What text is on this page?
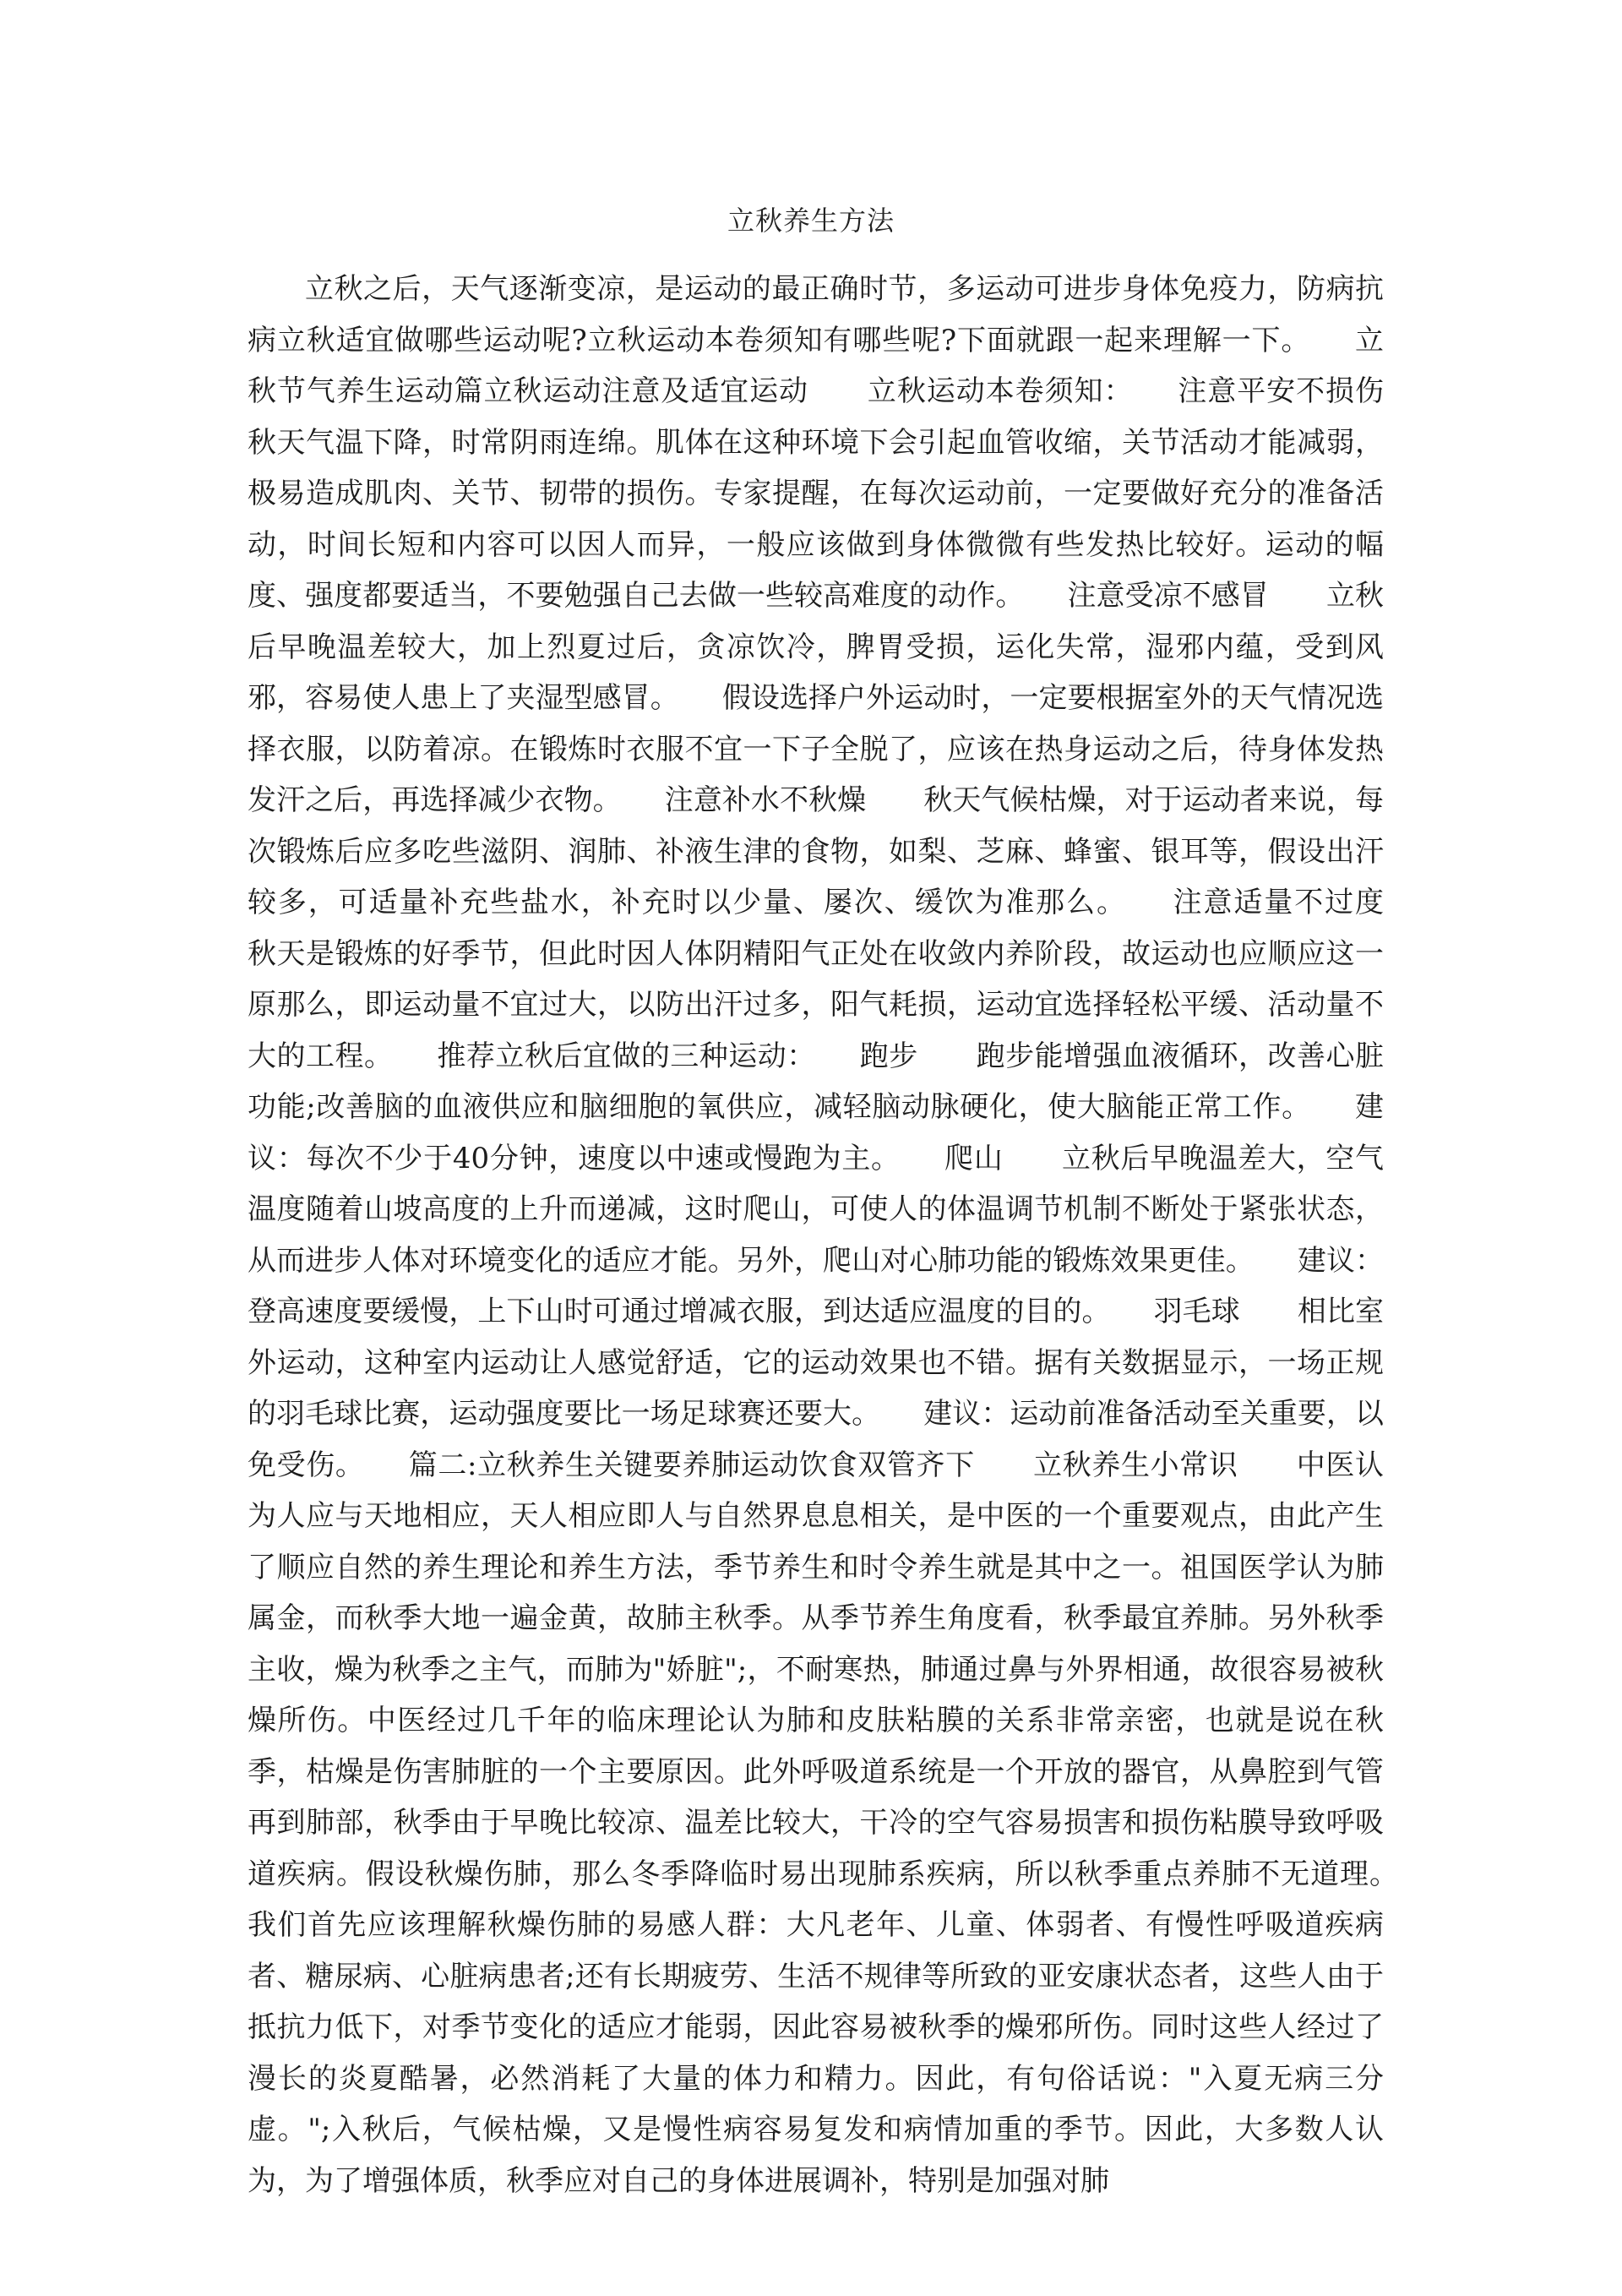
立秋养生方法

立秋之后，天气逐渐变凉，是运动的最正确时节，多运动可进步身体免疫力，防病抗病立秋适宜做哪些运动呢?立秋运动本卷须知有哪些呢?下面就跟一起来理解一下。　　立秋节气养生运动篇立秋运动注意及适宜运动　　立秋运动本卷须知：　　注意平安不损伤　　秋天气温下降，时常阴雨连绵。肌体在这种环境下会引起血管收缩，关节活动才能减弱，极易造成肌肉、关节、韧带的损伤。专家提醒，在每次运动前，一定要做好充分的准备活动，时间长短和内容可以因人而异，一般应该做到身体微微有些发热比较好。运动的幅度、强度都要适当，不要勉强自己去做一些较高难度的动作。　　注意受凉不感冒　　立秋后早晚温差较大，加上烈夏过后，贪凉饮冷，脾胃受损，运化失常，湿邪内蕴，受到风邪，容易使人患上了夹湿型感冒。　　假设选择户外运动时，一定要根据室外的天气情况选择衣服，以防着凉。在锻炼时衣服不宜一下子全脱了，应该在热身运动之后，待身体发热发汗之后，再选择减少衣物。　　注意补水不秋燥　　秋天气候枯燥，对于运动者来说，每次锻炼后应多吃些滋阴、润肺、补液生津的食物，如梨、芝麻、蜂蜜、银耳等，假设出汗较多，可适量补充些盐水，补充时以少量、屡次、缓饮为准那么。　　注意适量不过度　　秋天是锻炼的好季节，但此时因人体阴精阳气正处在收敛内养阶段，故运动也应顺应这一原那么，即运动量不宜过大，以防出汗过多，阳气耗损，运动宜选择轻松平缓、活动量不大的工程。　　推荐立秋后宜做的三种运动：　　跑步　　跑步能增强血液循环，改善心脏功能;改善脑的血液供应和脑细胞的氧供应，减轻脑动脉硬化，使大脑能正常工作。　　建议：每次不少于40分钟，速度以中速或慢跑为主。　　爬山　　立秋后早晚温差大，空气温度随着山坡高度的上升而递减，这时爬山，可使人的体温调节机制不断处于紧张状态，从而进步人体对环境变化的适应才能。另外，爬山对心肺功能的锻炼效果更佳。　　建议：登高速度要缓慢，上下山时可通过增减衣服，到达适应温度的目的。　　羽毛球　　相比室外运动，这种室内运动让人感觉舒适，它的运动效果也不错。据有关数据显示，一场正规的羽毛球比赛，运动强度要比一场足球赛还要大。　　建议：运动前准备活动至关重要，以免受伤。　　篇二:立秋养生关键要养肺运动饮食双管齐下　　立秋养生小常识　　中医认为人应与天地相应，天人相应即人与自然界息息相关，是中医的一个重要观点，由此产生了顺应自然的养生理论和养生方法，季节养生和时令养生就是其中之一。祖国医学认为肺属金，而秋季大地一遍金黄，故肺主秋季。从季节养生角度看，秋季最宜养肺。另外秋季主收，燥为秋季之主气，而肺为"娇脏";，不耐寒热，肺通过鼻与外界相通，故很容易被秋燥所伤。中医经过几千年的临床理论认为肺和皮肤粘膜的关系非常亲密，也就是说在秋季，枯燥是伤害肺脏的一个主要原因。此外呼吸道系统是一个开放的器官，从鼻腔到气管再到肺部，秋季由于早晚比较凉、温差比较大，干冷的空气容易损害和损伤粘膜导致呼吸道疾病。假设秋燥伤肺，那么冬季降临时易出现肺系疾病，所以秋季重点养肺不无道理。　　我们首先应该理解秋燥伤肺的易感人群：大凡老年、儿童、体弱者、有慢性呼吸道疾病者、糖尿病、心脏病患者;还有长期疲劳、生活不规律等所致的亚安康状态者，这些人由于抵抗力低下，对季节变化的适应才能弱，因此容易被秋季的燥邪所伤。同时这些人经过了漫长的炎夏酷暑，必然消耗了大量的体力和精力。因此，有句俗话说："入夏无病三分虚。";入秋后，气候枯燥，又是慢性病容易复发和病情加重的季节。因此，大多数人认为，为了增强体质，秋季应对自己的身体进展调补，特别是加强对肺
